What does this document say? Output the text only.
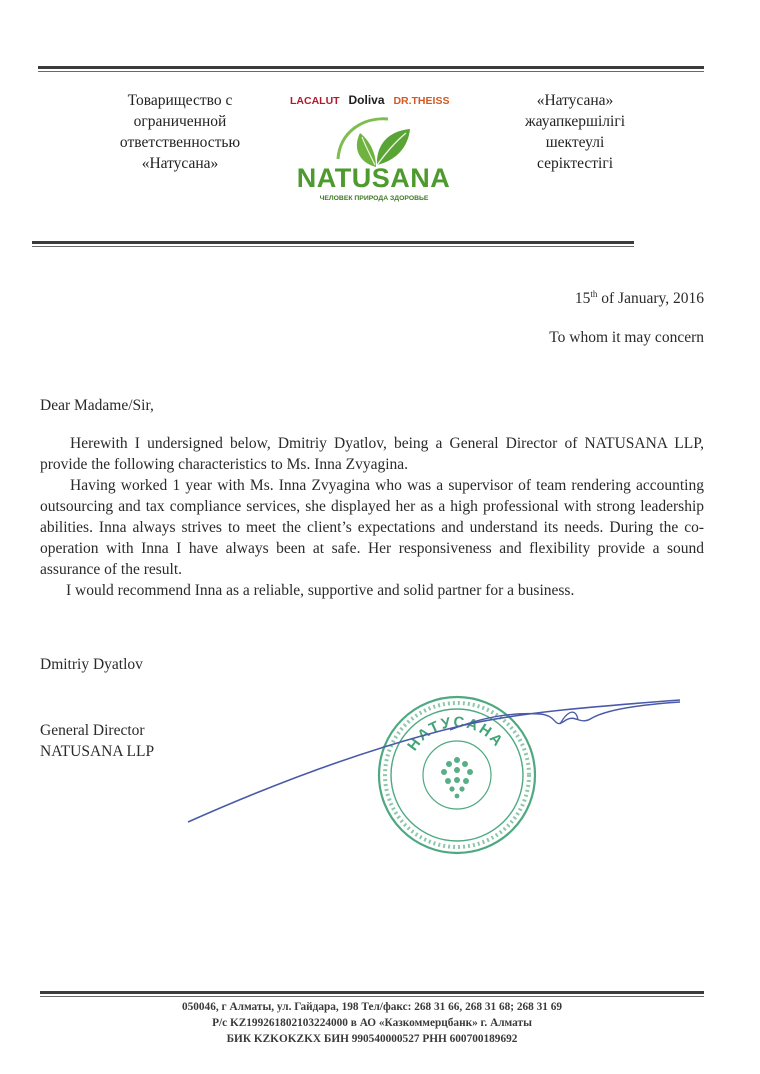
Товарищество с
ограниченной
ответственностью
«Натусана»
LACALUT Doliva DR.THEISS
NATUSANA
ЧЕЛОВЕК ПРИРОДА ЗДОРОВЬЕ
«Натусана»
жауапкершілігі
шектеулі
серіктестігі
15th of January, 2016
To whom it may concern
Dear Madame/Sir,

Herewith I undersigned below, Dmitriy Dyatlov, being a General Director of NATUSANA LLP, provide the following characteristics to Ms. Inna Zvyagina.

Having worked 1 year with Ms. Inna Zvyagina who was a supervisor of team rendering accounting outsourcing and tax compliance services, she displayed her as a high professional with strong leadership abilities. Inna always strives to meet the client’s expectations and understand its needs. During the co-operation with Inna I have always been at safe. Her responsiveness and flexibility provide a sound assurance of the result.

I would recommend Inna as a reliable, supportive and solid partner for a business.

Dmitriy Dyatlov
General Director
NATUSANA LLP	НАТУСАНА
050046, г Алматы, ул. Гайдара, 198 Тел/факс: 268 31 66, 268 31 68; 268 31 69
Р/с KZ199261802103224000 в АО «Казкоммерцбанк» г. Алматы
БИК KZKOKZKX БИН 990540000527 РНН 600700189692
